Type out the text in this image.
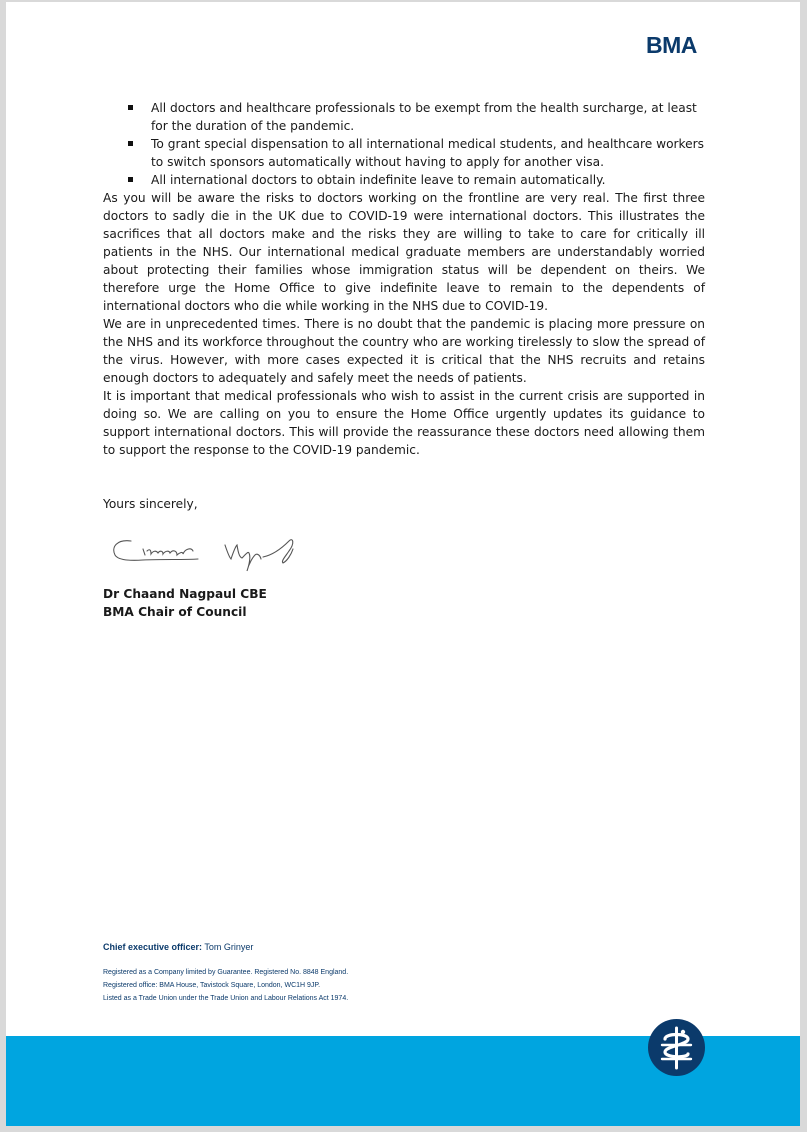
BMA
All doctors and healthcare professionals to be exempt from the health surcharge, at least for the duration of the pandemic.
To grant special dispensation to all international medical students, and healthcare workers to switch sponsors automatically without having to apply for another visa.
All international doctors to obtain indefinite leave to remain automatically.

As you will be aware the risks to doctors working on the frontline are very real. The first three doctors to sadly die in the UK due to COVID-19 were international doctors. This illustrates the sacrifices that all doctors make and the risks they are willing to take to care for critically ill patients in the NHS. Our international medical graduate members are understandably worried about protecting their families whose immigration status will be dependent on theirs. We therefore urge the Home Office to give indefinite leave to remain to the dependents of international doctors who die while working in the NHS due to COVID-19.

We are in unprecedented times. There is no doubt that the pandemic is placing more pressure on the NHS and its workforce throughout the country who are working tirelessly to slow the spread of the virus. However, with more cases expected it is critical that the NHS recruits and retains enough doctors to adequately and safely meet the needs of patients.

It is important that medical professionals who wish to assist in the current crisis are supported in doing so. We are calling on you to ensure the Home Office urgently updates its guidance to support international doctors. This will provide the reassurance these doctors need allowing them to support the response to the COVID-19 pandemic.

Yours sincerely,
Dr Chaand Nagpaul CBE
BMA Chair of Council
Chief executive officer: Tom Grinyer
Registered as a Company limited by Guarantee. Registered No. 8848 England.
Registered office: BMA House, Tavistock Square, London, WC1H 9JP.
Listed as a Trade Union under the Trade Union and Labour Relations Act 1974.
